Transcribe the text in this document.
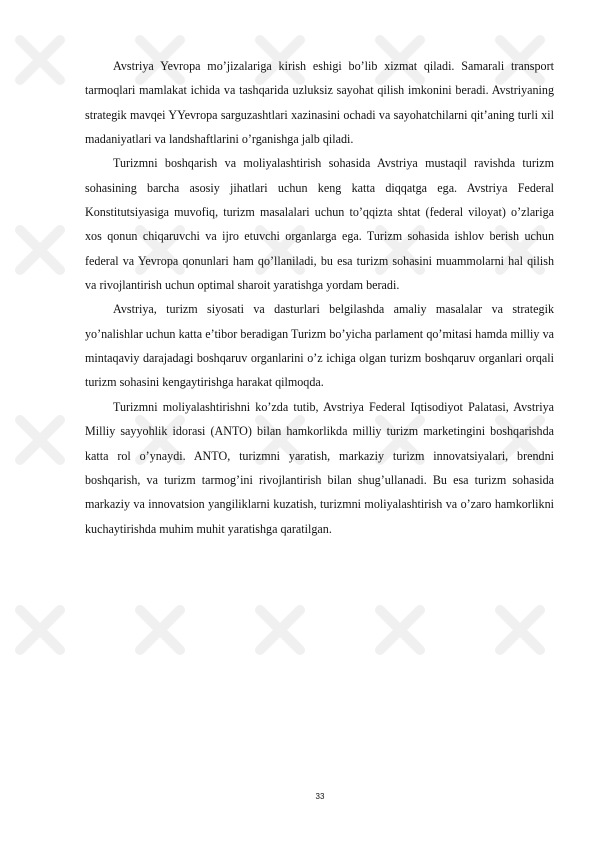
Avstriya Yevropa mo’jizalariga kirish eshigi bo’lib xizmat qiladi. Samarali transport tarmoqlari mamlakat ichida va tashqarida uzluksiz sayohat qilish imkonini beradi. Avstriyaning strategik mavqei YYevropa sarguzashtlari xazinasini ochadi va sayohatchilarni qit’aning turli xil madaniyatlari va landshaftlarini o’rganishga jalb qiladi.

Turizmni boshqarish va moliyalashtirish sohasida Avstriya mustaqil ravishda turizm sohasining barcha asosiy jihatlari uchun keng katta diqqatga ega. Avstriya Federal Konstitutsiyasiga muvofiq, turizm masalalari uchun to’qqizta shtat (federal viloyat) o’zlariga xos qonun chiqaruvchi va ijro etuvchi organlarga ega. Turizm sohasida ishlov berish uchun federal va Yevropa qonunlari ham qo’llaniladi, bu esa turizm sohasini muammolarni hal qilish va rivojlantirish uchun optimal sharoit yaratishga yordam beradi.

Avstriya, turizm siyosati va dasturlari belgilashda amaliy masalalar va strategik yo’nalishlar uchun katta e’tibor beradigan Turizm bo’yicha parlament qo’mitasi hamda milliy va mintaqaviy darajadagi boshqaruv organlarini o’z ichiga olgan turizm boshqaruv organlari orqali turizm sohasini kengaytirishga harakat qilmoqda.

Turizmni moliyalashtirishni ko’zda tutib, Avstriya Federal Iqtisodiyot Palatasi, Avstriya Milliy sayyohlik idorasi (ANTO) bilan hamkorlikda milliy turizm marketingini boshqarishda katta rol o’ynaydi. ANTO, turizmni yaratish, markaziy turizm innovatsiyalari, brendni boshqarish, va turizm tarmog’ini rivojlantirish bilan shug’ullanadi. Bu esa turizm sohasida markaziy va innovatsion yangiliklarni kuzatish, turizmni moliyalashtirish va o’zaro hamkorlikni kuchaytirishda muhim muhit yaratishga qaratilgan.

33
